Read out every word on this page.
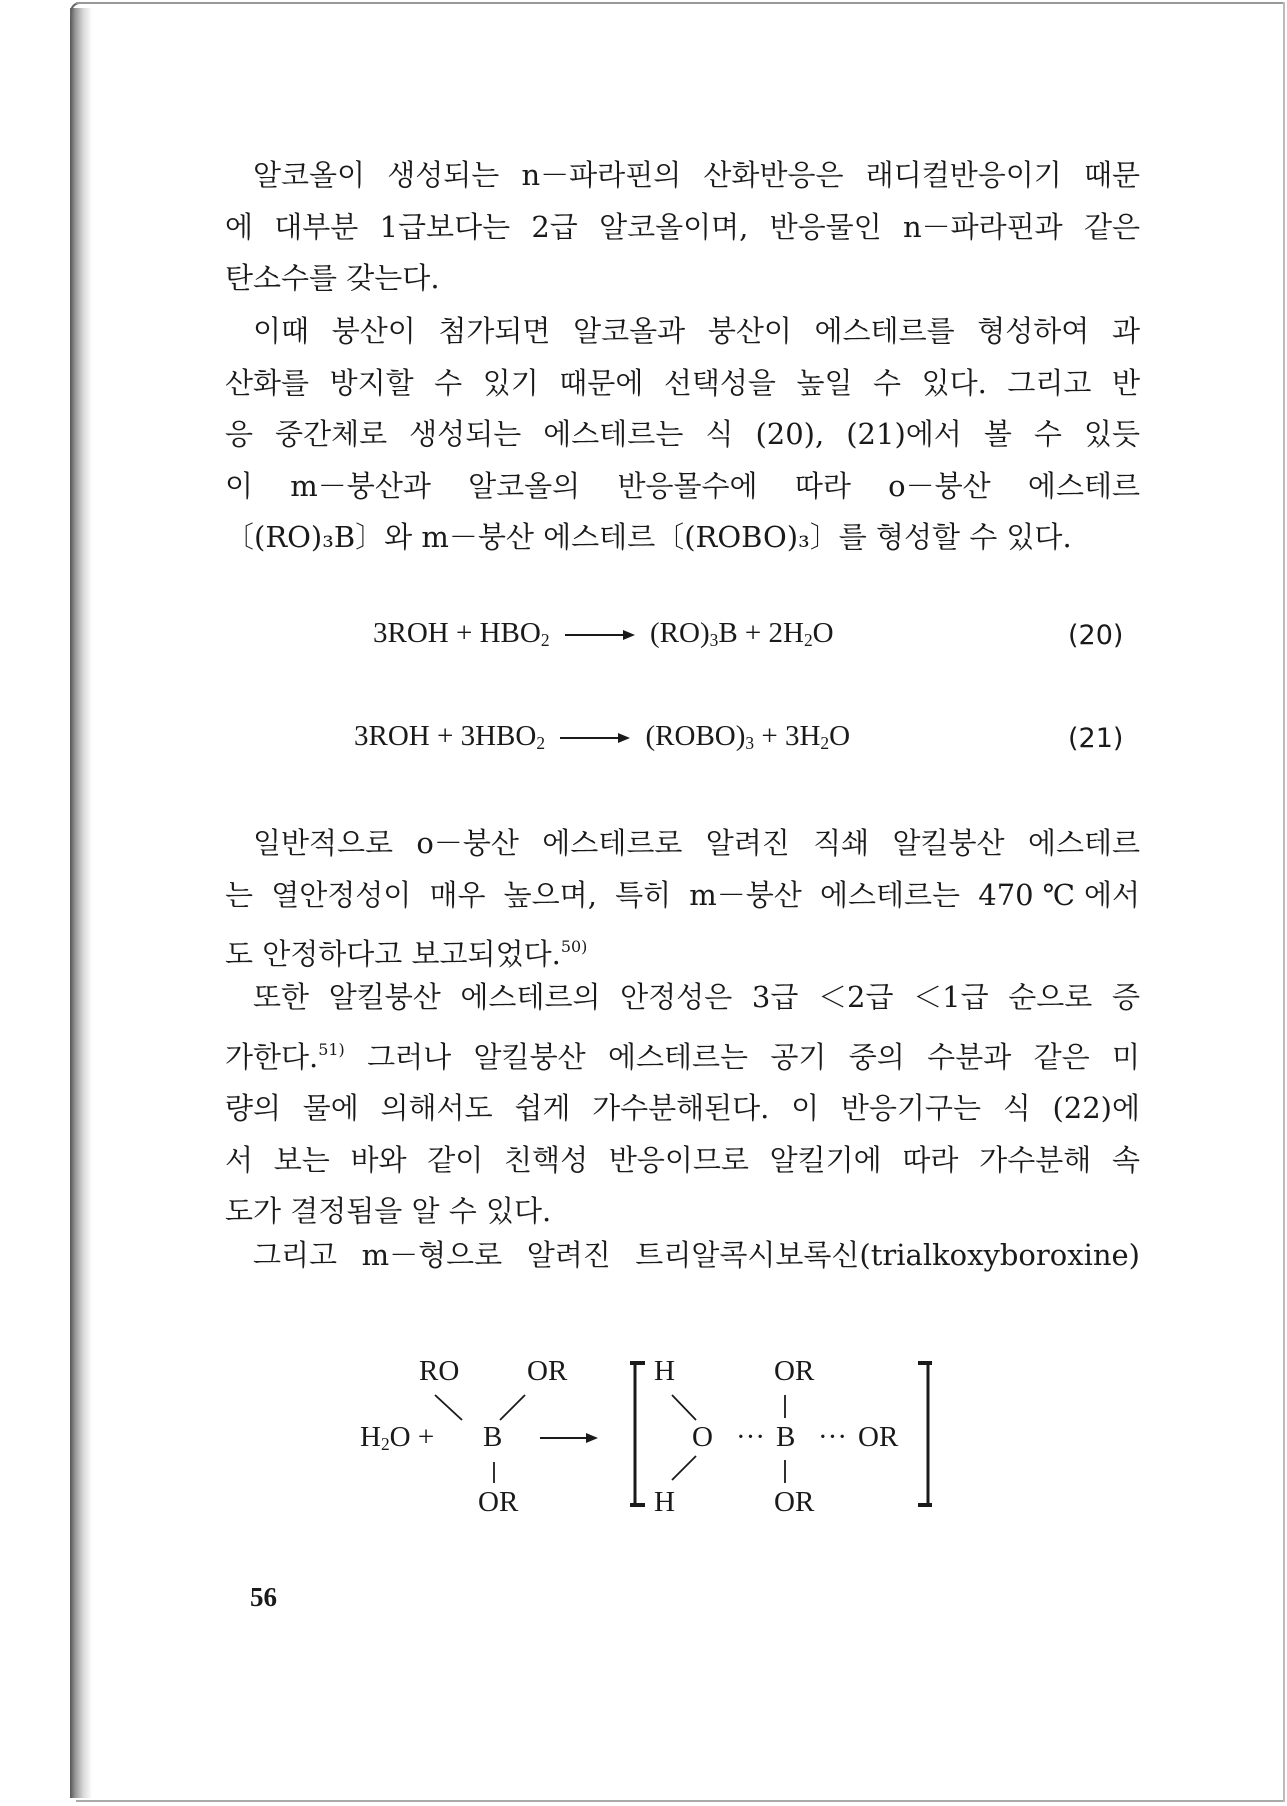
알코올이 생성되는 n－파라핀의 산화반응은 래디컬반응이기 때문
에 대부분 1급보다는 2급 알코올이며, 반응물인 n－파라핀과 같은
탄소수를 갖는다.
이때 붕산이 첨가되면 알코올과 붕산이 에스테르를 형성하여 과
산화를 방지할 수 있기 때문에 선택성을 높일 수 있다. 그리고 반
응 중간체로 생성되는 에스테르는 식 (20), (21)에서 볼 수 있듯
이 m－붕산과 알코올의 반응몰수에 따라 o－붕산 에스테르
〔(RO)₃B〕와 m－붕산 에스테르〔(ROBO)₃〕를 형성할 수 있다.
$3ROH + HBO_2 \to (RO)_3B + 2H_2O$	(20)
$3ROH + 3HBO_2$ → $(ROBO)_3 + 3H_2O$	(21)
일반적으로 o－붕산 에스테르로 알려진 직쇄 알킬붕산 에스테르
는 열안정성이 매우 높으며, 특히 m－붕산 에스테르는 470℃에서
도 안정하다고 보고되었다.$^{50)}$
또한 알킬붕산 에스테르의 안정성은 3급 ＜2급 ＜1급 순으로 증
가한다.$^{51)}$ 그러나 알킬붕산 에스테르는 공기 중의 수분과 같은 미
량의 물에 의해서도 쉽게 가수분해된다. 이 반응기구는 식 (22)에
서 보는 바와 같이 친핵성 반응이므로 알킬기에 따라 가수분해 속
도가 결정됨을 알 수 있다.
그리고 m－형으로 알려진 트리알콕시보록신(trialkoxyboroxine)
RO OR
$H_2O + B$
OR
H	OR
O ··· B ··· OR
H	OR
56
